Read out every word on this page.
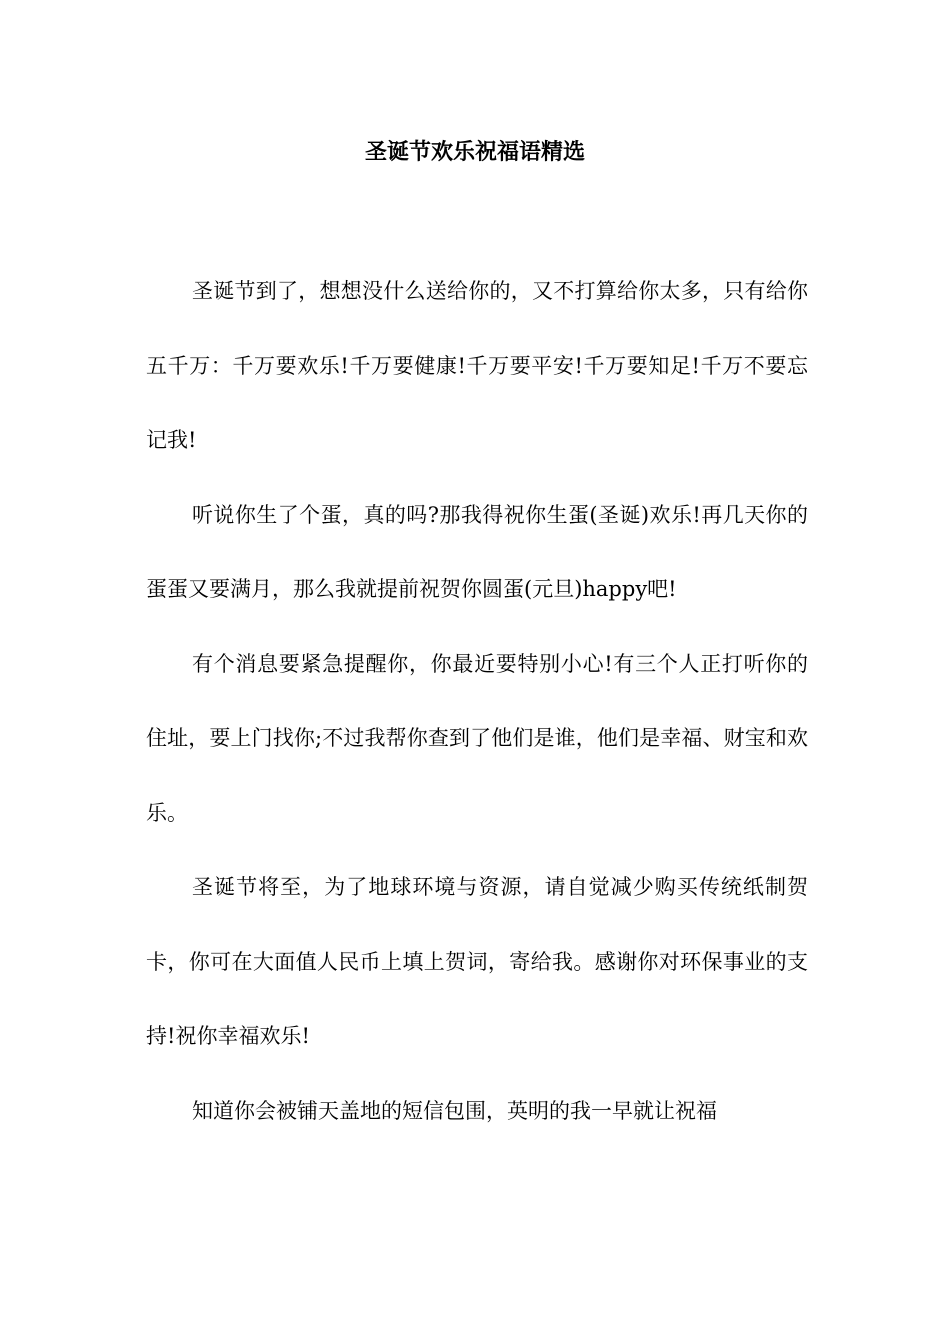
圣诞节欢乐祝福语精选

圣诞节到了，想想没什么送给你的，又不打算给你太多，只有给你五千万：千万要欢乐!千万要健康!千万要平安!千万要知足!千万不要忘记我!

听说你生了个蛋，真的吗?那我得祝你生蛋(圣诞)欢乐!再几天你的蛋蛋又要满月，那么我就提前祝贺你圆蛋(元旦)happy吧!

有个消息要紧急提醒你，你最近要特别小心!有三个人正打听你的住址，要上门找你;不过我帮你查到了他们是谁，他们是幸福、财宝和欢乐。

圣诞节将至，为了地球环境与资源，请自觉减少购买传统纸制贺卡，你可在大面值人民币上填上贺词，寄给我。感谢你对环保事业的支持!祝你幸福欢乐!

知道你会被铺天盖地的短信包围，英明的我一早就让祝福
